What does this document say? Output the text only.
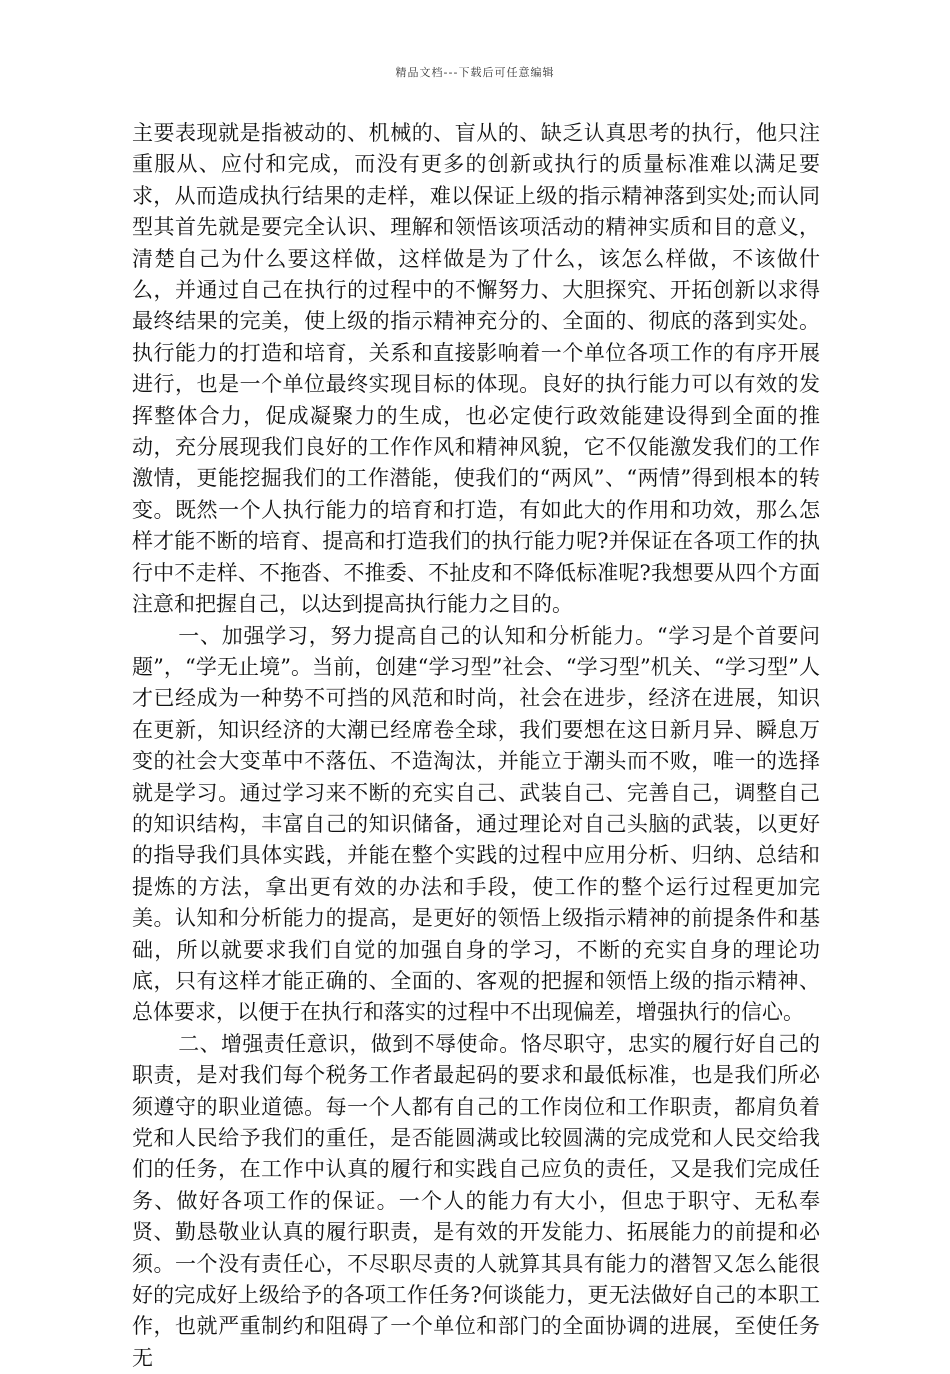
精品文档---下载后可任意编辑

主要表现就是指被动的、机械的、盲从的、缺乏认真思考的执行，他只注重服从、应付和完成，而没有更多的创新或执行的质量标准难以满足要求，从而造成执行结果的走样，难以保证上级的指示精神落到实处;而认同型其首先就是要完全认识、理解和领悟该项活动的精神实质和目的意义，清楚自己为什么要这样做，这样做是为了什么，该怎么样做，不该做什么，并通过自己在执行的过程中的不懈努力、大胆探究、开拓创新以求得最终结果的完美，使上级的指示精神充分的、全面的、彻底的落到实处。执行能力的打造和培育，关系和直接影响着一个单位各项工作的有序开展进行，也是一个单位最终实现目标的体现。良好的执行能力可以有效的发挥整体合力，促成凝聚力的生成，也必定使行政效能建设得到全面的推动，充分展现我们良好的工作作风和精神风貌，它不仅能激发我们的工作激情，更能挖掘我们的工作潜能，使我们的“两风”、“两情”得到根本的转变。既然一个人执行能力的培育和打造，有如此大的作用和功效，那么怎样才能不断的培育、提高和打造我们的执行能力呢?并保证在各项工作的执行中不走样、不拖沓、不推委、不扯皮和不降低标准呢?我想要从四个方面注意和把握自己，以达到提高执行能力之目的。

一、加强学习，努力提高自己的认知和分析能力。“学习是个首要问题”，“学无止境”。当前，创建“学习型”社会、“学习型”机关、“学习型”人才已经成为一种势不可挡的风范和时尚，社会在进步，经济在进展，知识在更新，知识经济的大潮已经席卷全球，我们要想在这日新月异、瞬息万变的社会大变革中不落伍、不造淘汰，并能立于潮头而不败，唯一的选择就是学习。通过学习来不断的充实自己、武装自己、完善自己，调整自己的知识结构，丰富自己的知识储备，通过理论对自己头脑的武装，以更好的指导我们具体实践，并能在整个实践的过程中应用分析、归纳、总结和提炼的方法，拿出更有效的办法和手段，使工作的整个运行过程更加完美。认知和分析能力的提高，是更好的领悟上级指示精神的前提条件和基础，所以就要求我们自觉的加强自身的学习，不断的充实自身的理论功底，只有这样才能正确的、全面的、客观的把握和领悟上级的指示精神、总体要求，以便于在执行和落实的过程中不出现偏差，增强执行的信心。

二、增强责任意识，做到不辱使命。恪尽职守，忠实的履行好自己的职责，是对我们每个税务工作者最起码的要求和最低标准，也是我们所必须遵守的职业道德。每一个人都有自己的工作岗位和工作职责，都肩负着党和人民给予我们的重任，是否能圆满或比较圆满的完成党和人民交给我们的任务，在工作中认真的履行和实践自己应负的责任，又是我们完成任务、做好各项工作的保证。一个人的能力有大小，但忠于职守、无私奉贤、勤恳敬业认真的履行职责，是有效的开发能力、拓展能力的前提和必须。一个没有责任心，不尽职尽责的人就算其具有能力的潜智又怎么能很好的完成好上级给予的各项工作任务?何谈能力，更无法做好自己的本职工作，也就严重制约和阻碍了一个单位和部门的全面协调的进展，至使任务无
